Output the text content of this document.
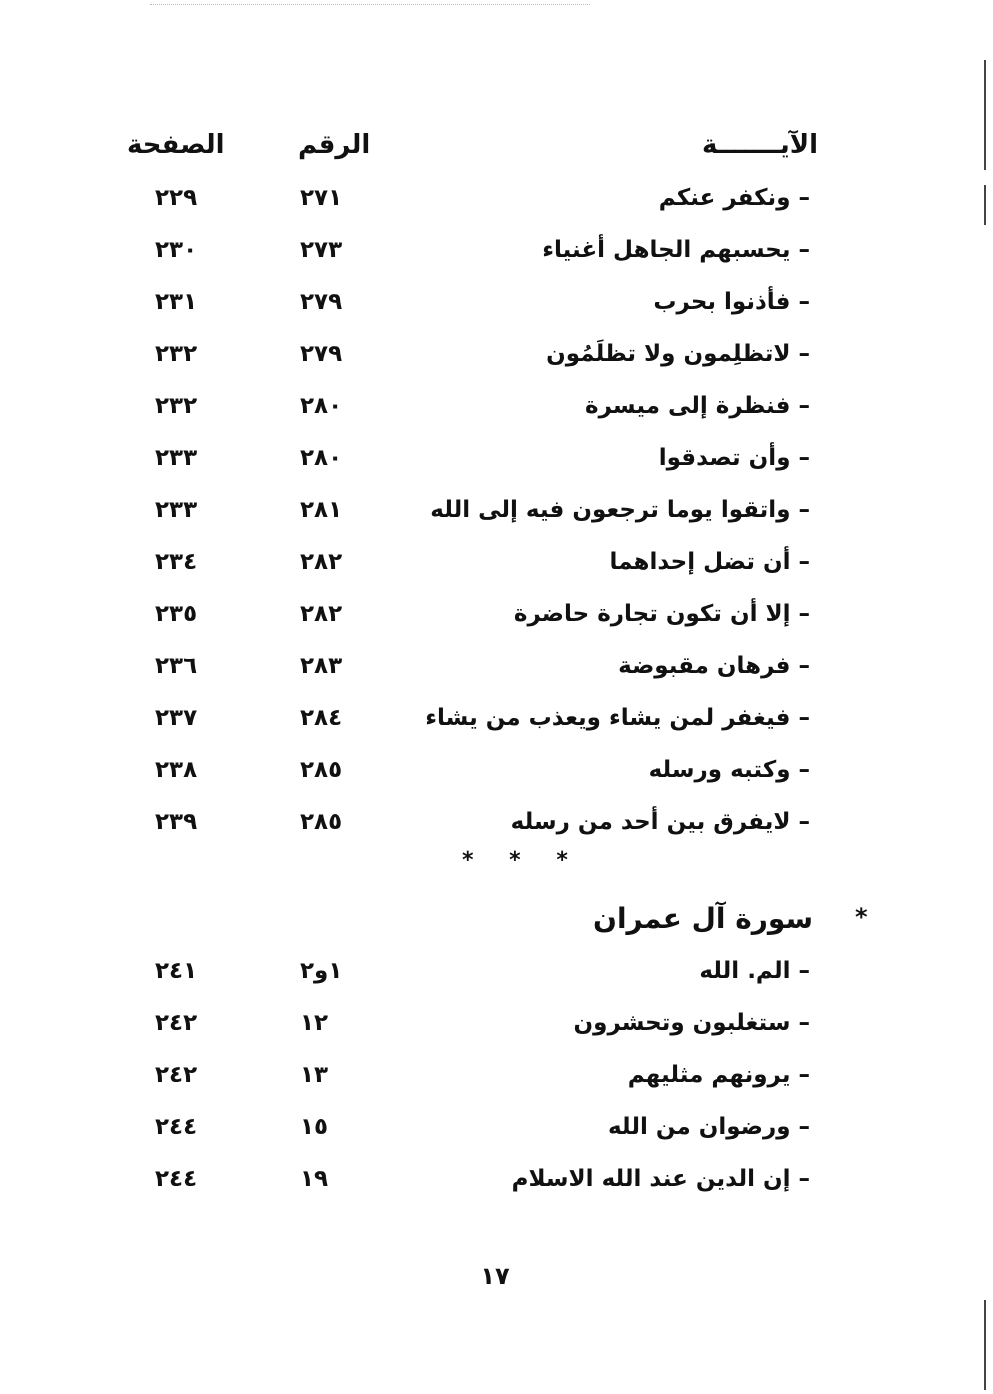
الآيـــــــة
الرقم
الصفحة
– ونكفر عنكم
٢٧١
٢٢٩
– يحسبهم الجاهل أغنياء
٢٧٣
٢٣٠
– فأذنوا بحرب
٢٧٩
٢٣١
– لاتظلِمون ولا تظلَمُون
٢٧٩
٢٣٢
– فنظرة إلى ميسرة
٢٨٠
٢٣٢
– وأن تصدقوا
٢٨٠
٢٣٣
– واتقوا يوما ترجعون فيه إلى الله
٢٨١
٢٣٣
– أن تضل إحداهما
٢٨٢
٢٣٤
– إلا أن تكون تجارة حاضرة
٢٨٢
٢٣٥
– فرهان مقبوضة
٢٨٣
٢٣٦
– فيغفر لمن يشاء ويعذب من يشاء
٢٨٤
٢٣٧
– وكتبه ورسله
٢٨٥
٢٣٨
– لايفرق بين أحد من رسله
٢٨٥
٢٣٩
* * *
*
سورة آل عمران
– الم. الله
١و٢
٢٤١
– ستغلبون وتحشرون
١٢
٢٤٢
– يرونهم مثليهم
١٣
٢٤٢
– ورضوان من الله
١٥
٢٤٤
– إن الدين عند الله الاسلام
١٩
٢٤٤
١٧
